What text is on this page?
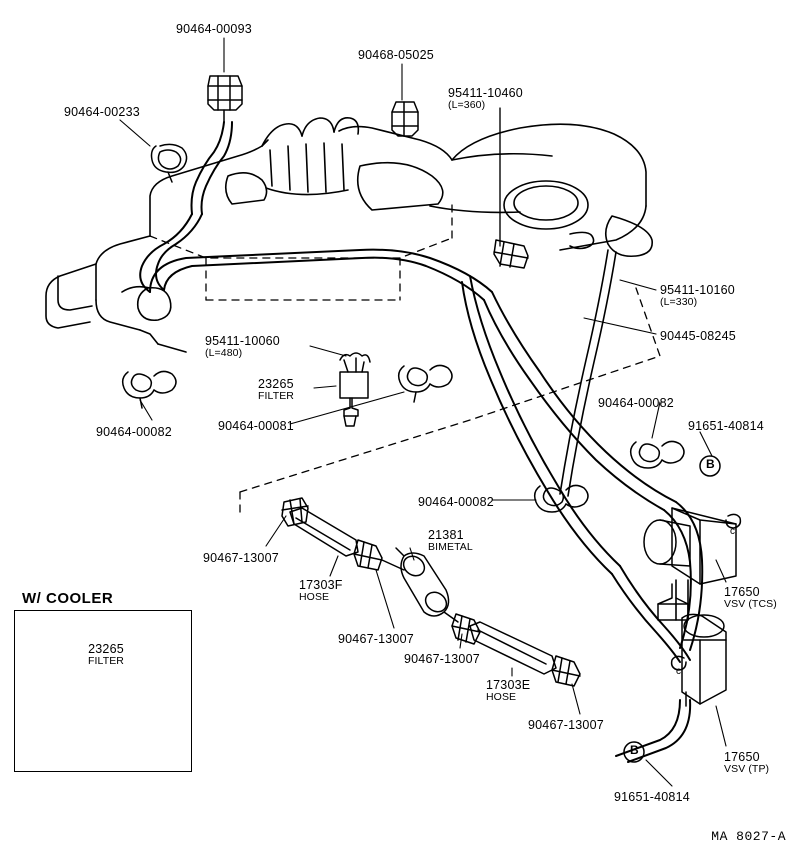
c
c
W/ COOLER
23265
FILTER
90464-00093
90468-05025
95411-10460
(L=360)
90464-00233
95411-10160
(L=330)
90445-08245
95411-10060
(L=480)
23265
FILTER
90464-00081
90464-00082
90464-00082
91651-40814
90464-00082
90467-13007
21381
BIMETAL
17303F
HOSE
90467-13007
90467-13007
17303E
HOSE
90467-13007
17650
VSV (TCS)
17650
VSV (TP)
91651-40814
B
B
MA 8027-A
